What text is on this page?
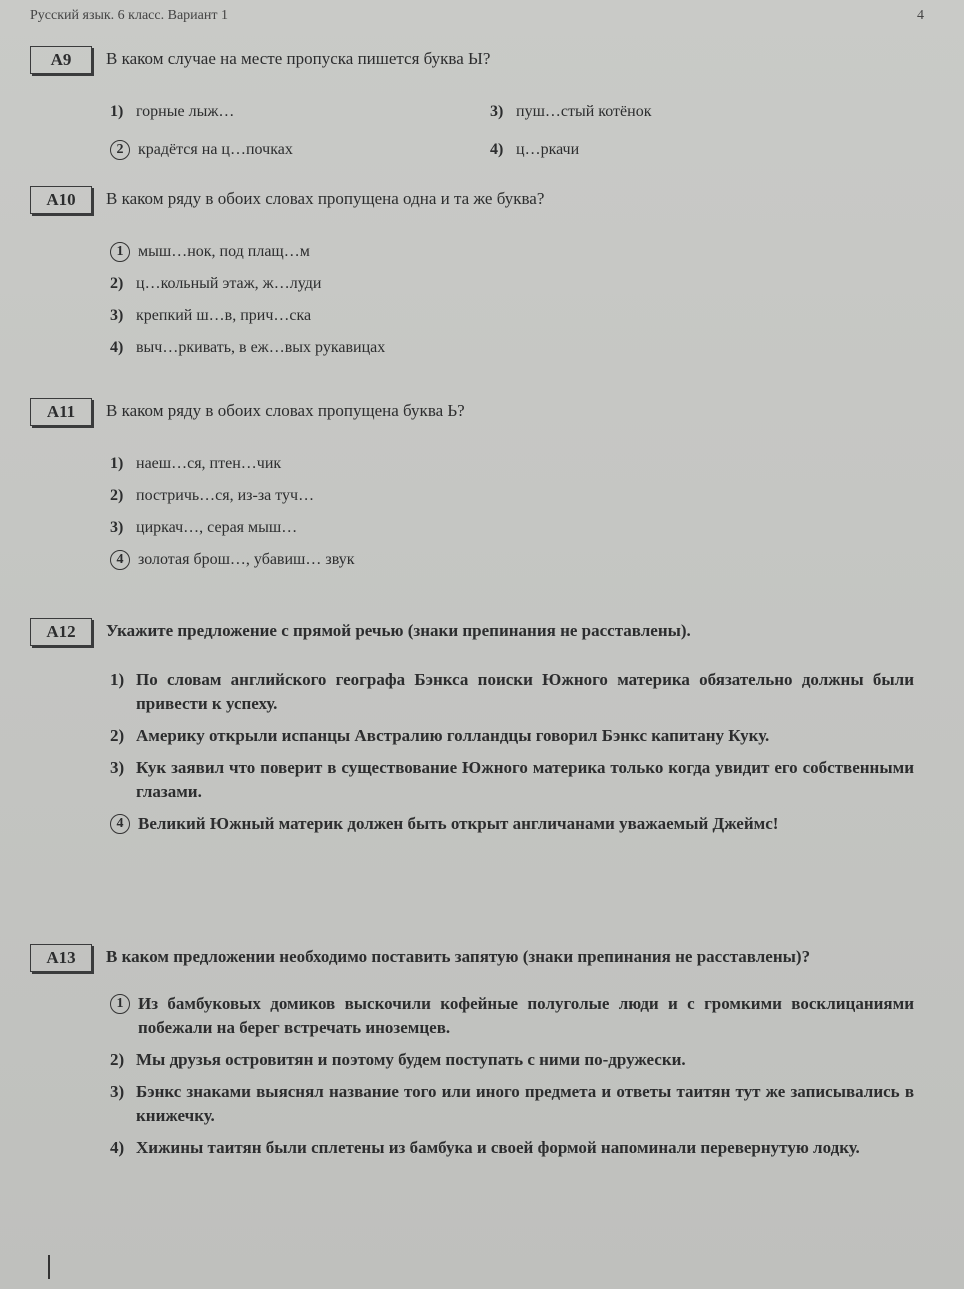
Русский язык. 6 класс. Вариант 1	4
A9	В каком случае на месте пропуска пишется буква Ы?
1) горные лыж…	3) пуш…стый котёнок
2 крадётся на ц…почках	4) ц…ркачи
A10	В каком ряду в обоих словах пропущена одна и та же буква?
1 мыш…нок, под плащ…м
2) ц…кольный этаж, ж…луди
3) крепкий ш…в, прич…ска
4) выч…ркивать, в еж…вых рукавицах
A11	В каком ряду в обоих словах пропущена буква Ь?
1) наеш…ся, птен…чик
2) постричь…ся, из-за туч…
3) циркач…, серая мыш…
4 золотая брош…, убавиш… звук
A12	Укажите предложение с прямой речью (знаки препинания не расставлены).
1) По словам английского географа Бэнкса поиски Южного материка обязательно должны были привести к успеху.
2) Америку открыли испанцы Австралию голландцы говорил Бэнкс капитану Куку.
3) Кук заявил что поверит в существование Южного материка только когда увидит его собственными глазами.
4 Великий Южный материк должен быть открыт англичанами уважаемый Джеймс!
A13	В каком предложении необходимо поставить запятую (знаки препинания не расставлены)?
1 Из бамбуковых домиков выскочили кофейные полуголые люди и с громкими восклицаниями побежали на берег встречать иноземцев.
2) Мы друзья островитян и поэтому будем поступать с ними по-дружески.
3) Бэнкс знаками выяснял название того или иного предмета и ответы таитян тут же записывались в книжечку.
4) Хижины таитян были сплетены из бамбука и своей формой напоминали перевернутую лодку.
